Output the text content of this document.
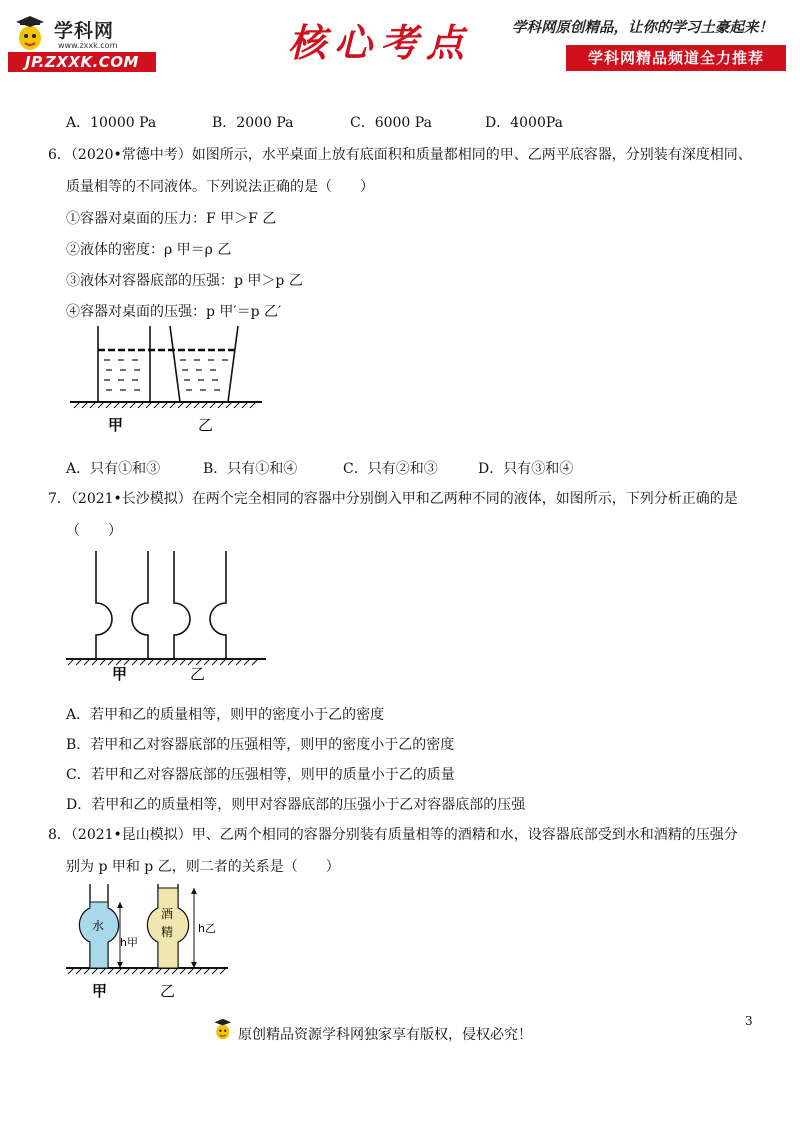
学科网
www.zxxk.com
JP.ZXXK.COM	核心考点	学科网原创精品，让你的学习土豪起来！
学科网精品频道全力推荐
A．10000 Pa	B．2000 Pa	C．6000 Pa	D．4000Pa
6．（2020•常德中考）如图所示，水平桌面上放有底面积和质量都相同的甲、乙两平底容器，分别装有深度相同、
质量相等的不同液体。下列说法正确的是（　　）
①容器对桌面的压力：F 甲＞F 乙
②液体的密度：ρ 甲＝ρ 乙
③液体对容器底部的压强：p 甲＞p 乙
④容器对桌面的压强：p 甲′＝p 乙′
甲	乙
A．只有①和③	B．只有①和④	C．只有②和③	D．只有③和④
7．（2021•长沙模拟）在两个完全相同的容器中分别倒入甲和乙两种不同的液体，如图所示，下列分析正确的是
（　　）
甲	乙
A．若甲和乙的质量相等，则甲的密度小于乙的密度
B．若甲和乙对容器底部的压强相等，则甲的密度小于乙的密度
C．若甲和乙对容器底部的压强相等，则甲的质量小于乙的质量
D．若甲和乙的质量相等，则甲对容器底部的压强小于乙对容器底部的压强
8．（2021•昆山模拟）甲、乙两个相同的容器分别装有质量相等的酒精和水，设容器底部受到水和酒精的压强分
别为 p 甲和 p 乙，则二者的关系是（　　）
水
h甲
酒
精 h乙
甲	乙
3
原创精品资源学科网独家享有版权，侵权必究！
